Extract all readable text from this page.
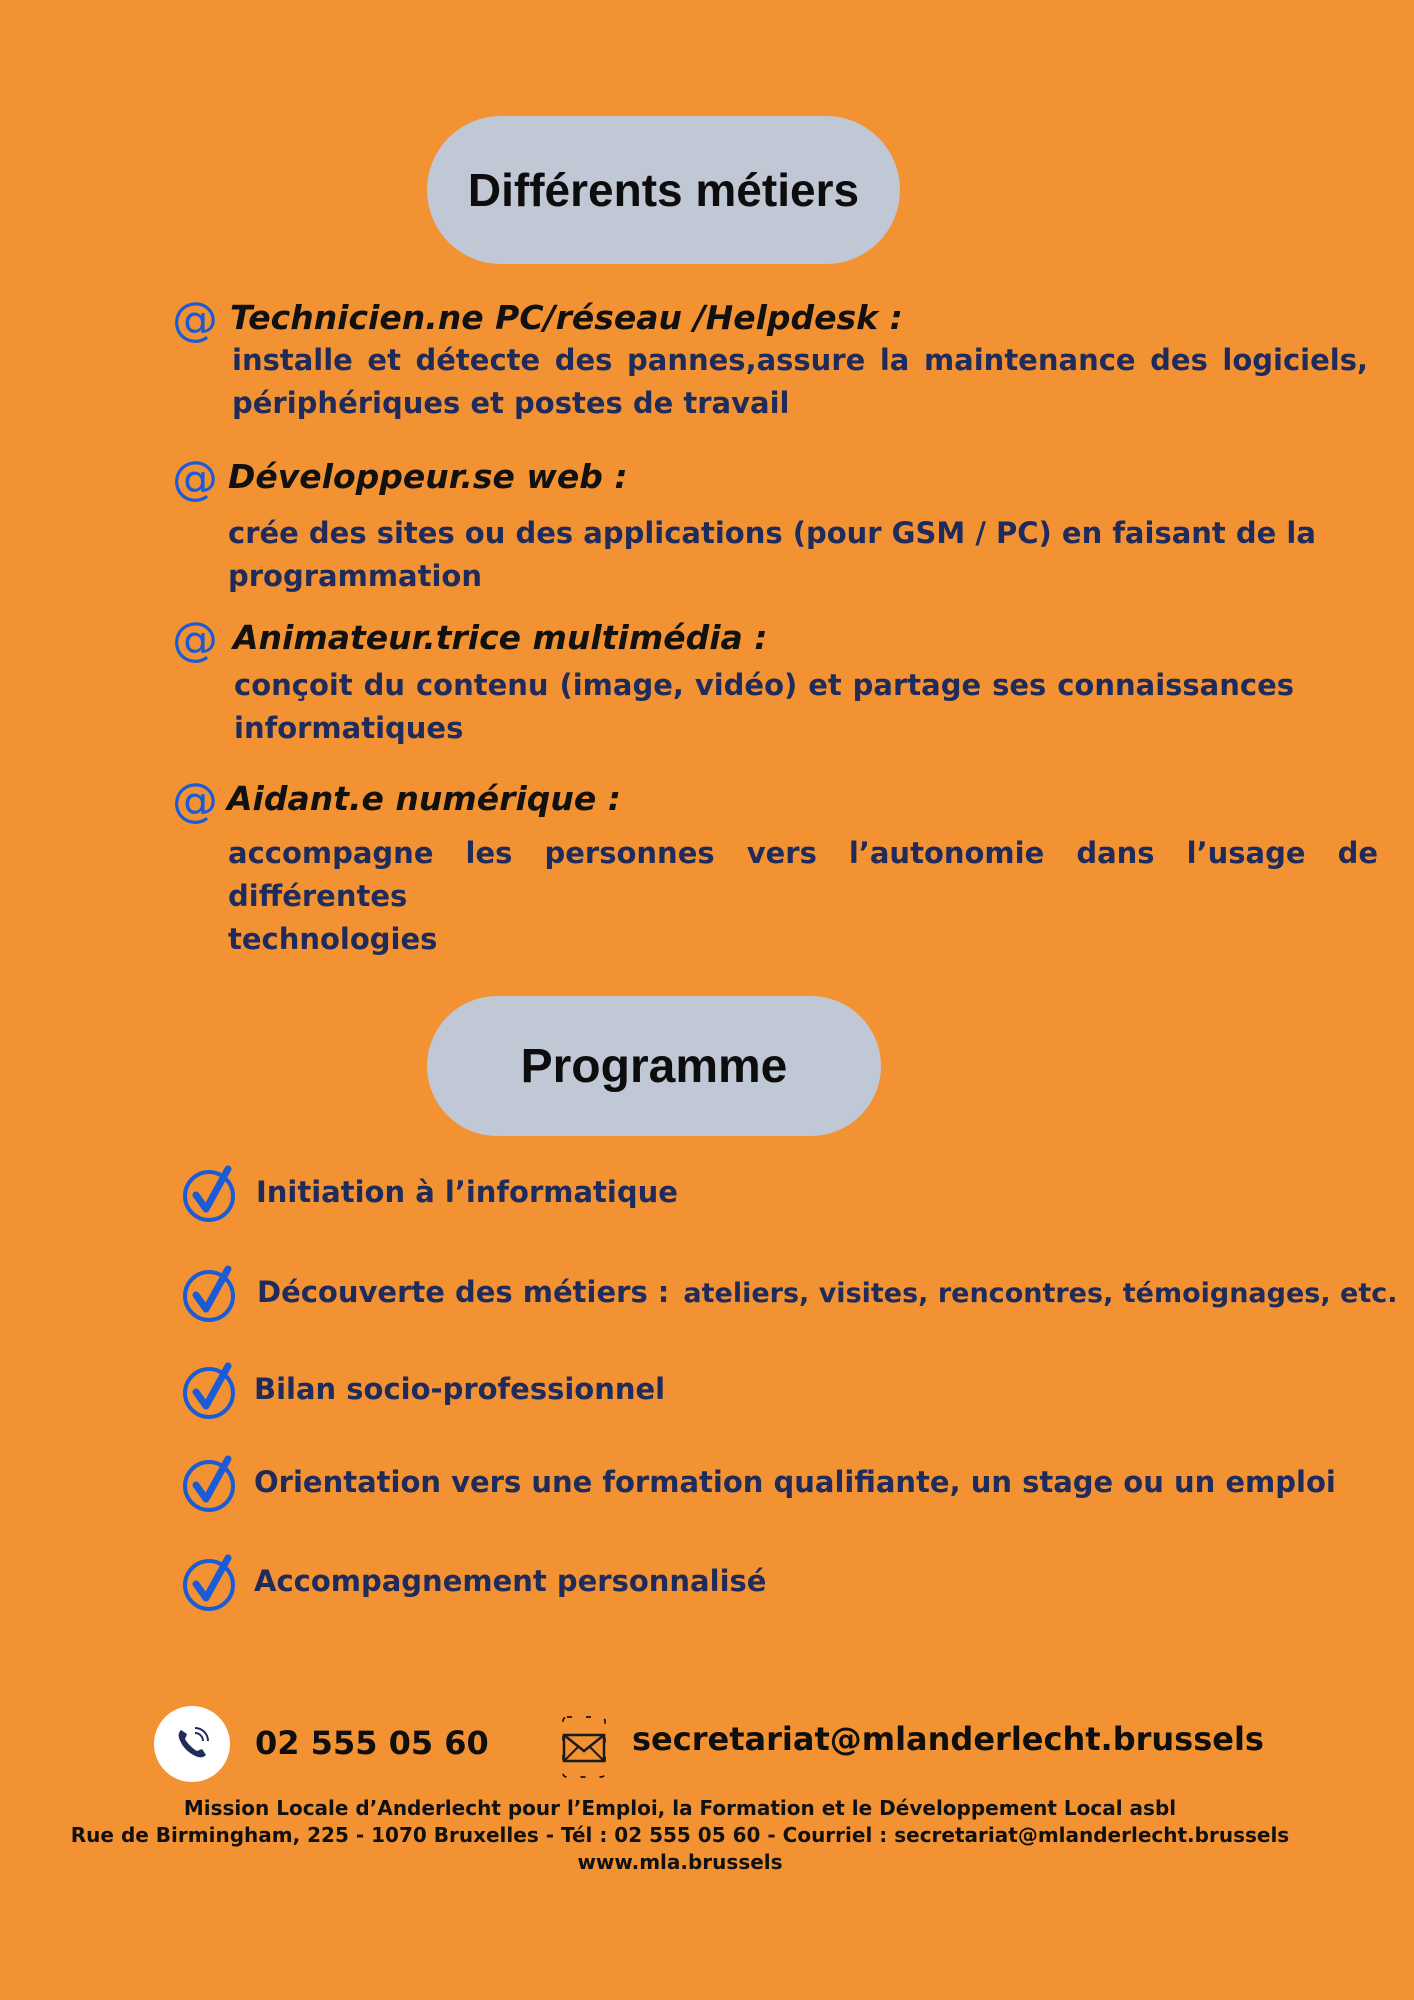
Différents métiers
@ Technicien.ne PC/réseau /Helpdesk :
installe et détecte des pannes,assure la maintenance des logiciels,
périphériques et postes de travail
@ Développeur.se web :
crée des sites ou des applications (pour GSM / PC) en faisant de la
programmation
@ Animateur.trice multimédia :
conçoit du contenu (image, vidéo) et partage ses connaissances
informatiques
@ Aidant.e numérique :
accompagne les personnes vers l’autonomie dans l’usage de différentes
technologies
Programme
Initiation à l’informatique
Découverte des métiers : ateliers, visites, rencontres, témoignages, etc.
Bilan socio-professionnel
Orientation vers une formation qualifiante, un stage ou un emploi
Accompagnement personnalisé
02 555 05 60	secretariat@mlanderlecht.brussels
Mission Locale d’Anderlecht pour l’Emploi, la Formation et le Développement Local asbl
Rue de Birmingham, 225 - 1070 Bruxelles - Tél : 02 555 05 60 - Courriel : secretariat@mlanderlecht.brussels
www.mla.brussels
